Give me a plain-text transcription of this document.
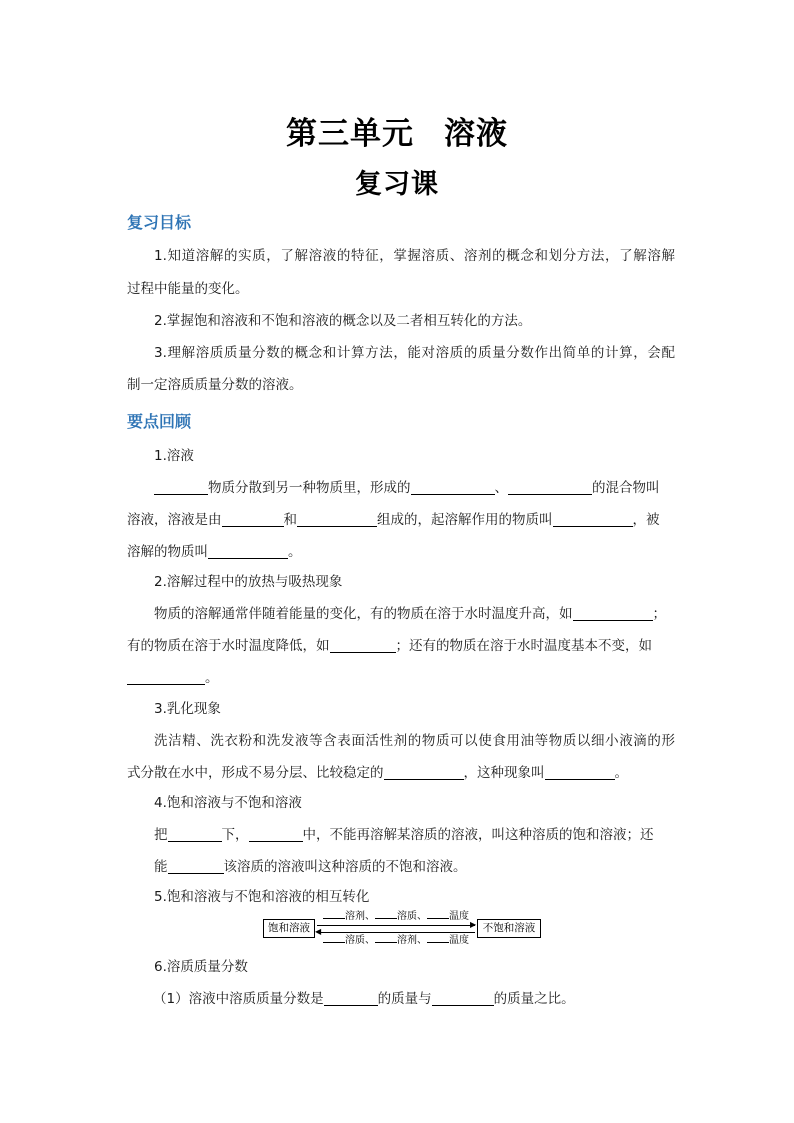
第三单元 溶液
复习课
复习目标

1.知道溶解的实质，了解溶液的特征，掌握溶质、溶剂的概念和划分方法，了解溶解

过程中能量的变化。

2.掌握饱和溶液和不饱和溶液的概念以及二者相互转化的方法。

3.理解溶质质量分数的概念和计算方法，能对溶质的质量分数作出简单的计算，会配

制一定溶质质量分数的溶液。

要点回顾

1.溶液

物质分散到另一种物质里，形成的	、	的混合物叫

溶液，溶液是由	和	组成的，起溶解作用的物质叫	，被

溶解的物质叫	。

2.溶解过程中的放热与吸热现象

物质的溶解通常伴随着能量的变化，有的物质在溶于水时温度升高，如	；

有的物质在溶于水时温度降低，如	；还有的物质在溶于水时温度基本不变，如

。

3.乳化现象

洗洁精、洗衣粉和洗发液等含表面活性剂的物质可以使食用油等物质以细小液滴的形

式分散在水中，形成不易分层、比较稳定的	，这种现象叫	。

4.饱和溶液与不饱和溶液

把	下，	中，不能再溶解某溶质的溶液，叫这种溶质的饱和溶液；还

能	该溶质的溶液叫这种溶质的不饱和溶液。

5.饱和溶液与不饱和溶液的相互转化

饱和溶液	▶
◀
溶剂、 溶质、 温度
溶质、 溶剂、 温度
不饱和溶液

6.溶质质量分数

（1）溶液中溶质质量分数是	的质量与	的质量之比。
